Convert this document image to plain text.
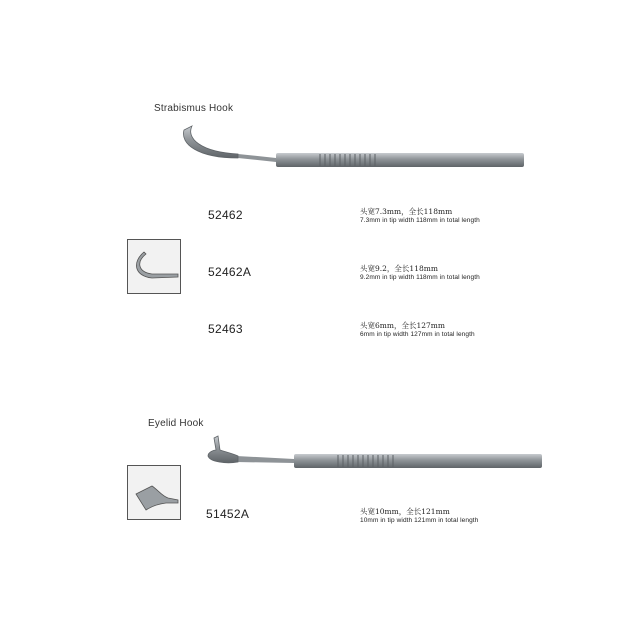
Strabismus Hook
52462	头宽7.3mm，全长118mm
7.3mm in tip width 118mm in total length
52462A	头宽9.2，全长118mm
9.2mm in tip width 118mm in total length
52463	头宽6mm，全长127mm
6mm in tip width 127mm in total length
Eyelid Hook
51452A	头宽10mm，全长121mm
10mm in tip width 121mm in total length
